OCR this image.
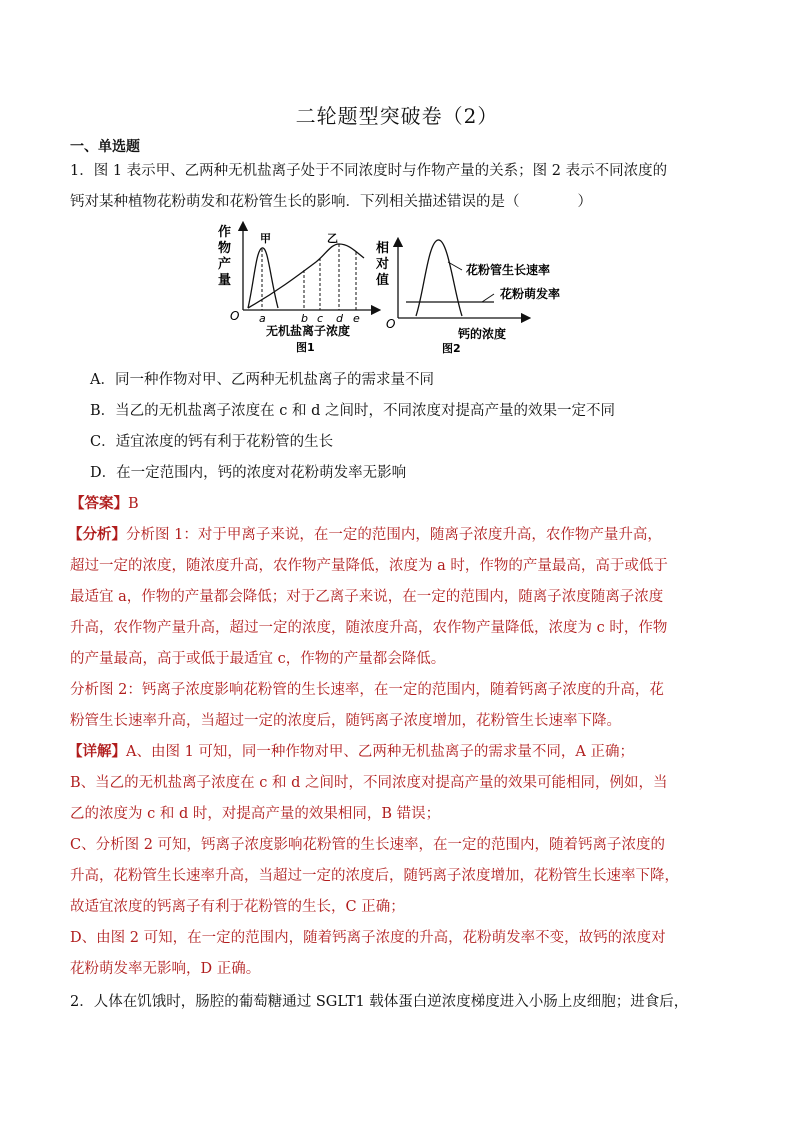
二轮题型突破卷（2）
一、单选题
1．图 1 表示甲、乙两种无机盐离子处于不同浓度时与作物产量的关系；图 2 表示不同浓度的
钙对某种植物花粉萌发和花粉管生长的影响．下列相关描述错误的是（　　　　）
作
物
产
量
O
甲	乙
a	b c d e
无机盐离子浓度
图1
相
对
值
O
花粉管生长速率
花粉萌发率
钙的浓度
图2
A．同一种作物对甲、乙两种无机盐离子的需求量不同
B．当乙的无机盐离子浓度在 c 和 d 之间时，不同浓度对提高产量的效果一定不同
C．适宜浓度的钙有利于花粉管的生长
D．在一定范围内，钙的浓度对花粉萌发率无影响
【答案】B
【分析】分析图 1：对于甲离子来说，在一定的范围内，随离子浓度升高，农作物产量升高，
超过一定的浓度，随浓度升高，农作物产量降低，浓度为 a 时，作物的产量最高，高于或低于
最适宜 a，作物的产量都会降低；对于乙离子来说，在一定的范围内，随离子浓度随离子浓度
升高，农作物产量升高，超过一定的浓度，随浓度升高，农作物产量降低，浓度为 c 时，作物
的产量最高，高于或低于最适宜 c，作物的产量都会降低。
分析图 2：钙离子浓度影响花粉管的生长速率，在一定的范围内，随着钙离子浓度的升高，花
粉管生长速率升高，当超过一定的浓度后，随钙离子浓度增加，花粉管生长速率下降。
【详解】A、由图 1 可知，同一种作物对甲、乙两种无机盐离子的需求量不同，A 正确；
B、当乙的无机盐离子浓度在 c 和 d 之间时，不同浓度对提高产量的效果可能相同，例如，当
乙的浓度为 c 和 d 时，对提高产量的效果相同，B 错误；
C、分析图 2 可知，钙离子浓度影响花粉管的生长速率，在一定的范围内，随着钙离子浓度的
升高，花粉管生长速率升高，当超过一定的浓度后，随钙离子浓度增加，花粉管生长速率下降，
故适宜浓度的钙离子有利于花粉管的生长，C 正确；
D、由图 2 可知，在一定的范围内，随着钙离子浓度的升高，花粉萌发率不变，故钙的浓度对
花粉萌发率无影响，D 正确。
2．人体在饥饿时，肠腔的葡萄糖通过 SGLT1 载体蛋白逆浓度梯度进入小肠上皮细胞；进食后，
